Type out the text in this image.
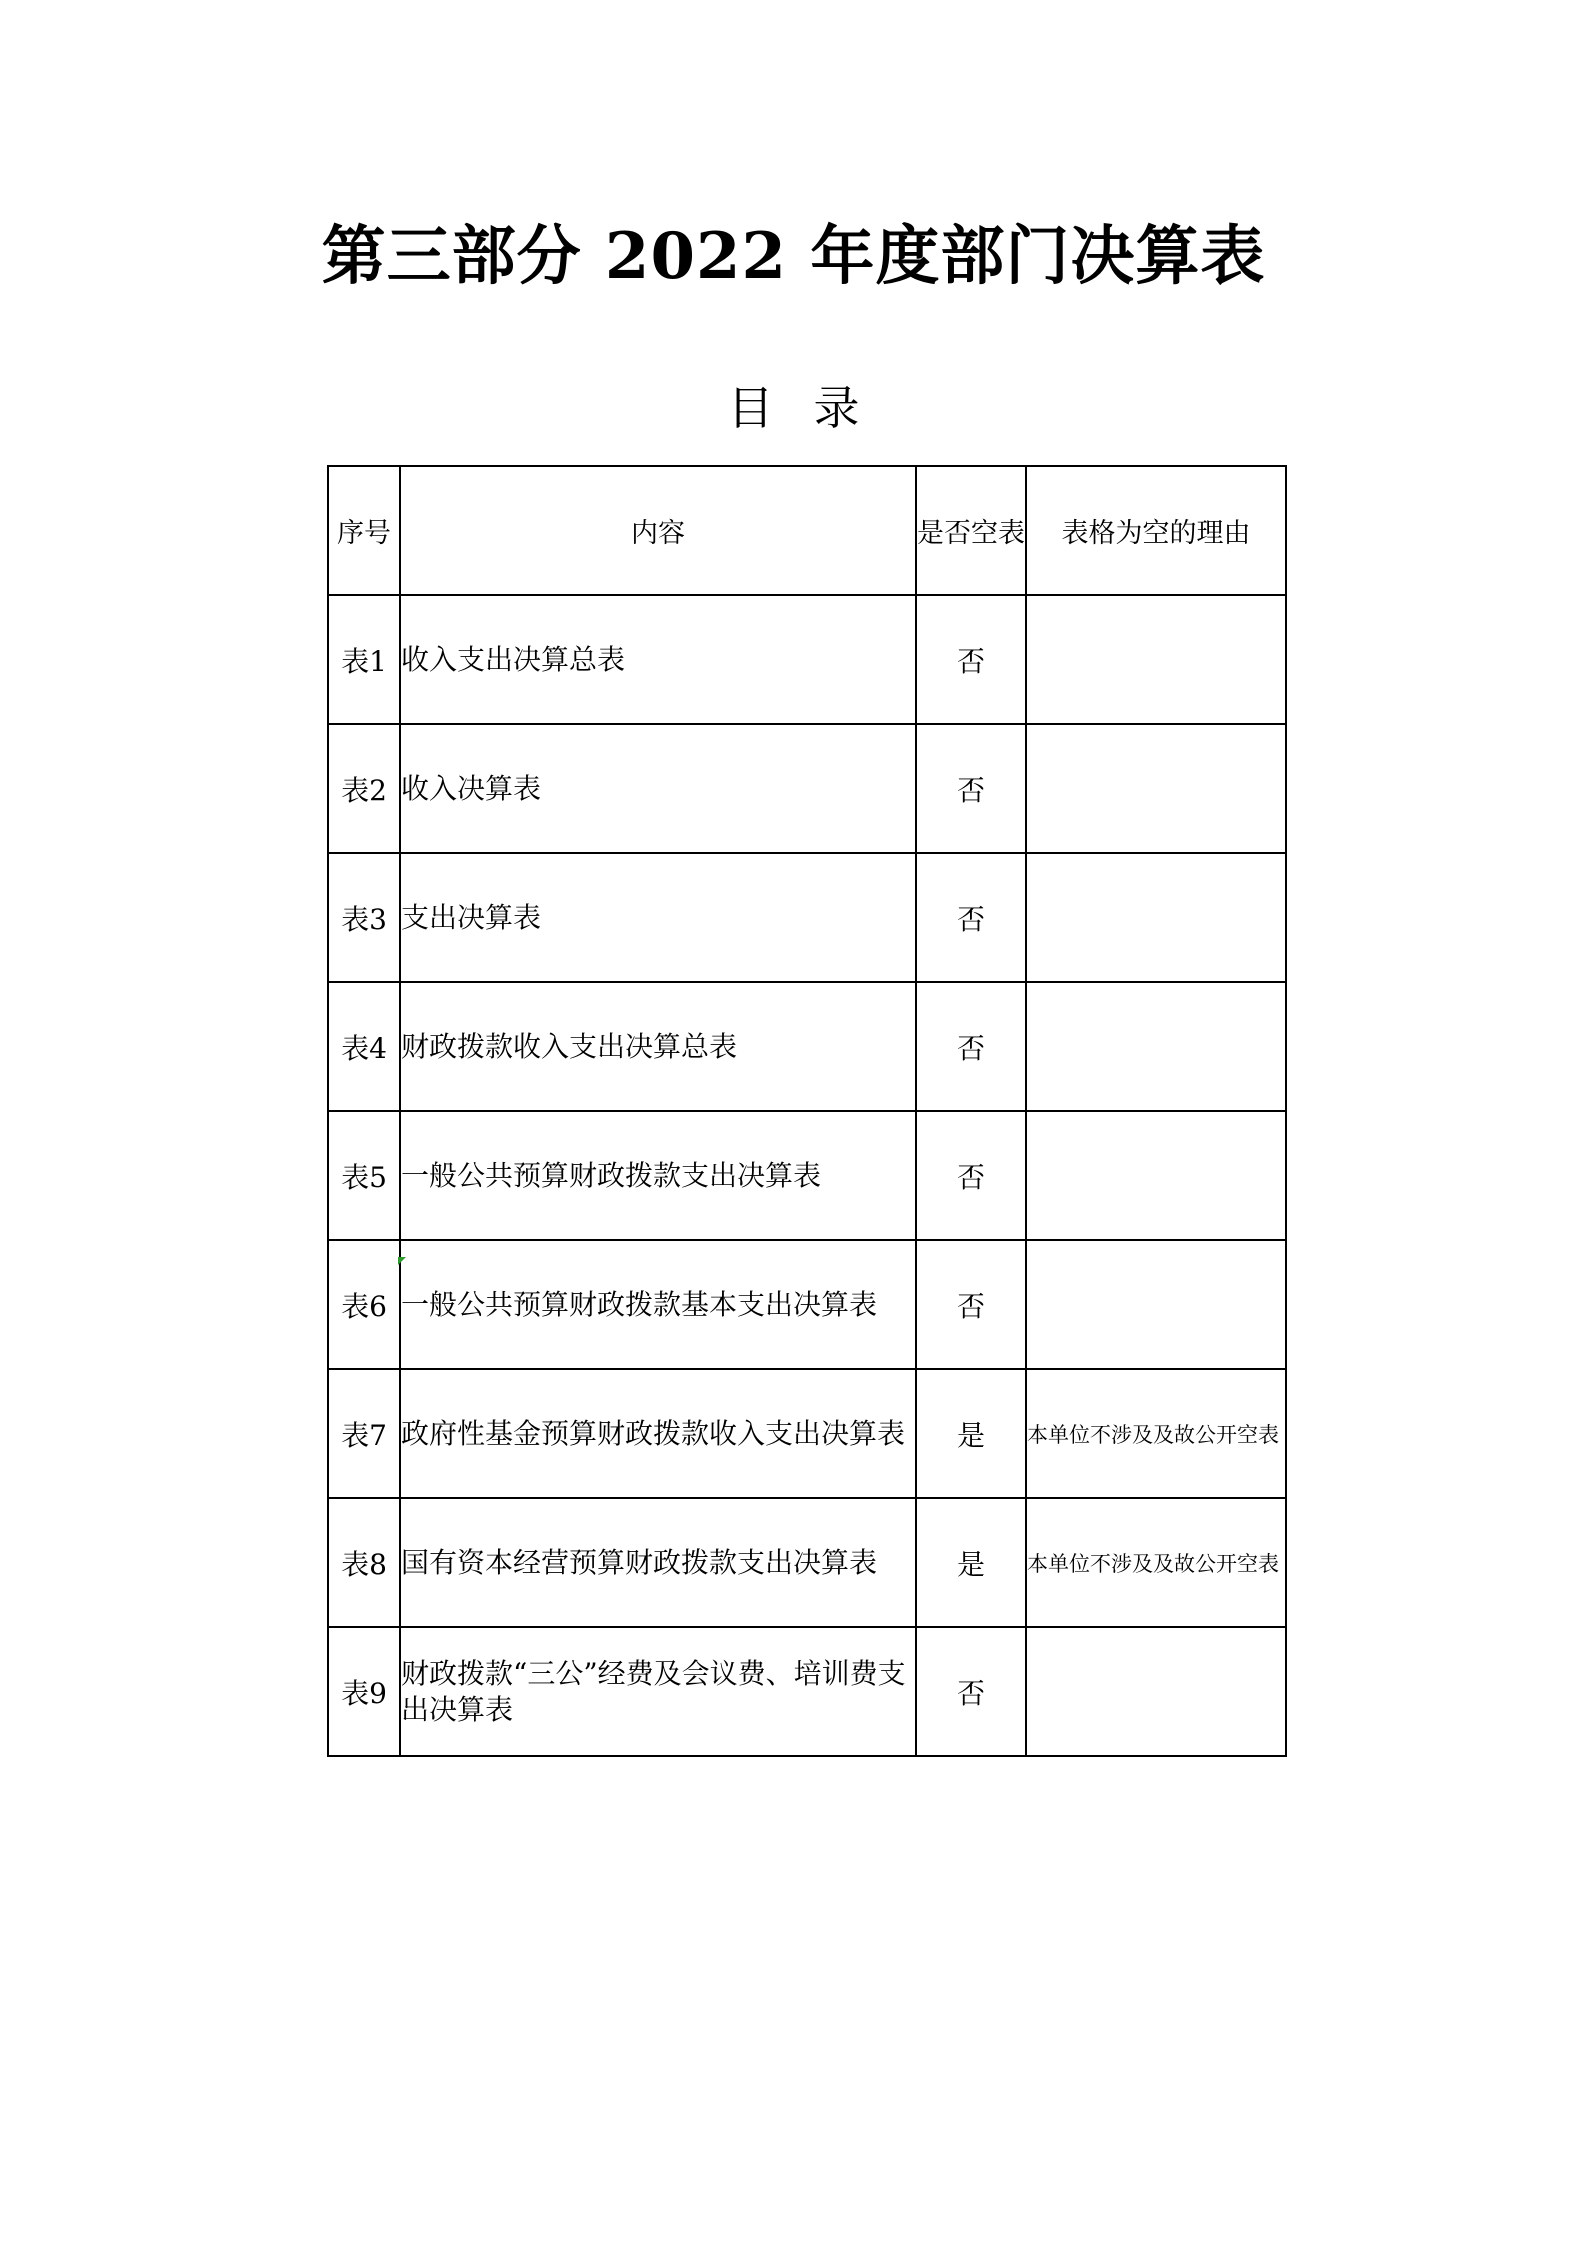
第三部分 2022 年度部门决算表
目录
序号	内容	是否空表	表格为空的理由
表1	收入支出决算总表	否	
表2	收入决算表	否	
表3	支出决算表	否	
表4	财政拨款收入支出决算总表	否	
表5	一般公共预算财政拨款支出决算表	否	
表6	一般公共预算财政拨款基本支出决算表	否	
表7	政府性基金预算财政拨款收入支出决算表	是	本单位不涉及及故公开空表
表8	国有资本经营预算财政拨款支出决算表	是	本单位不涉及及故公开空表
表9	财政拨款“三公”经费及会议费、培训费支出决算表	否	
